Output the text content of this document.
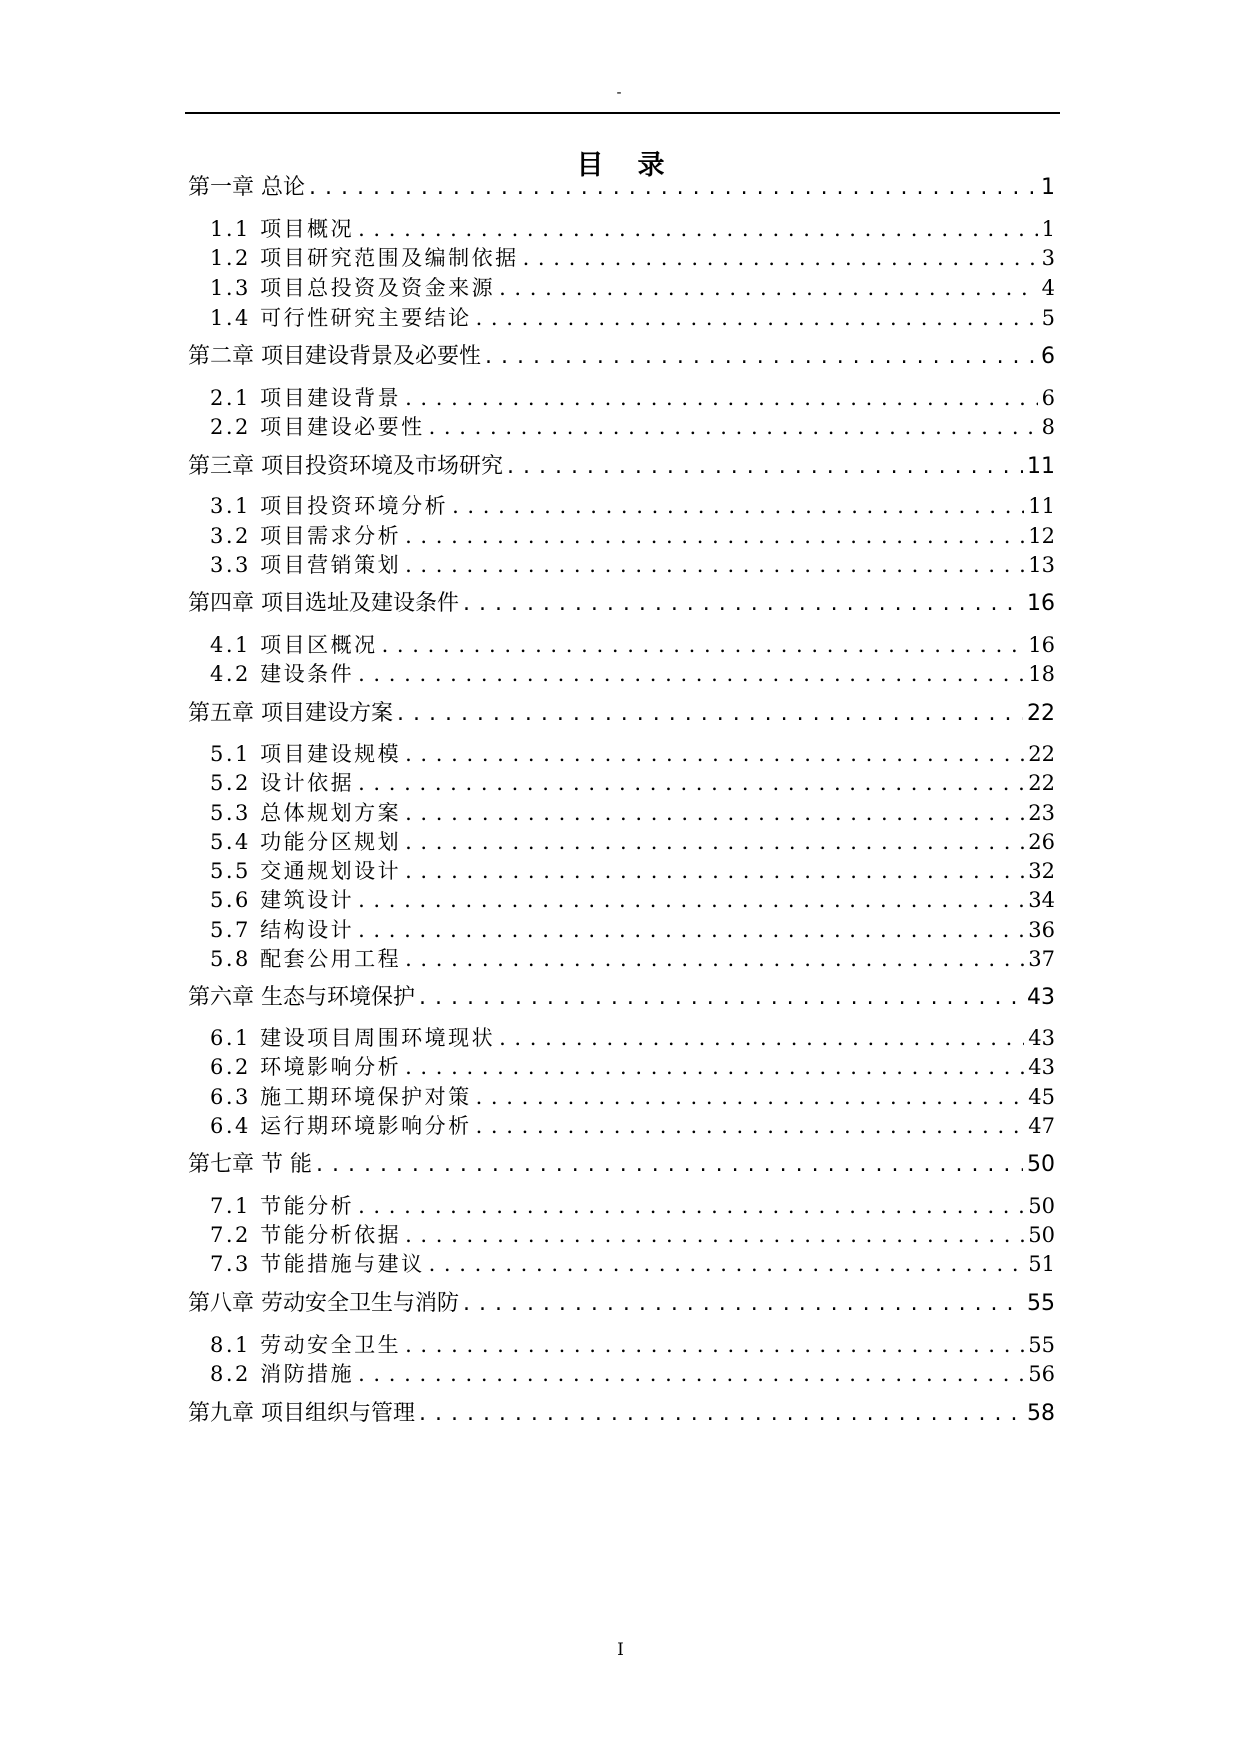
-
目录
第一章 总论 . . .	1
1.1 项目概况 . . .	1
1.2 项目研究范围及编制依据 . . .	3
1.3 项目总投资及资金来源 . . .	4
1.4 可行性研究主要结论 . . .	5
第二章 项目建设背景及必要性 . . .	6
2.1 项目建设背景 . . .	6
2.2 项目建设必要性 . . .	8
第三章 项目投资环境及市场研究 . . .	11
3.1 项目投资环境分析 . . .	11
3.2 项目需求分析 . . .	12
3.3 项目营销策划 . . .	13
第四章 项目选址及建设条件 . . .	16
4.1 项目区概况 . . .	16
4.2 建设条件 . . .	18
第五章 项目建设方案 . . .	22
5.1 项目建设规模 . . .	22
5.2 设计依据 . . .	22
5.3 总体规划方案 . . .	23
5.4 功能分区规划 . . .	26
5.5 交通规划设计 . . .	32
5.6 建筑设计 . . .	34
5.7 结构设计 . . .	36
5.8 配套公用工程 . . .	37
第六章 生态与环境保护 . . .	43
6.1 建设项目周围环境现状 . . .	43
6.2 环境影响分析 . . .	43
6.3 施工期环境保护对策 . . .	45
6.4 运行期环境影响分析 . . .	47
第七章 节 能 . . .	50
7.1 节能分析 . . .	50
7.2 节能分析依据 . . .	50
7.3 节能措施与建议 . . .	51
第八章 劳动安全卫生与消防 . . .	55
8.1 劳动安全卫生 . . .	55
8.2 消防措施 . . .	56
第九章 项目组织与管理 . . .	58
I
